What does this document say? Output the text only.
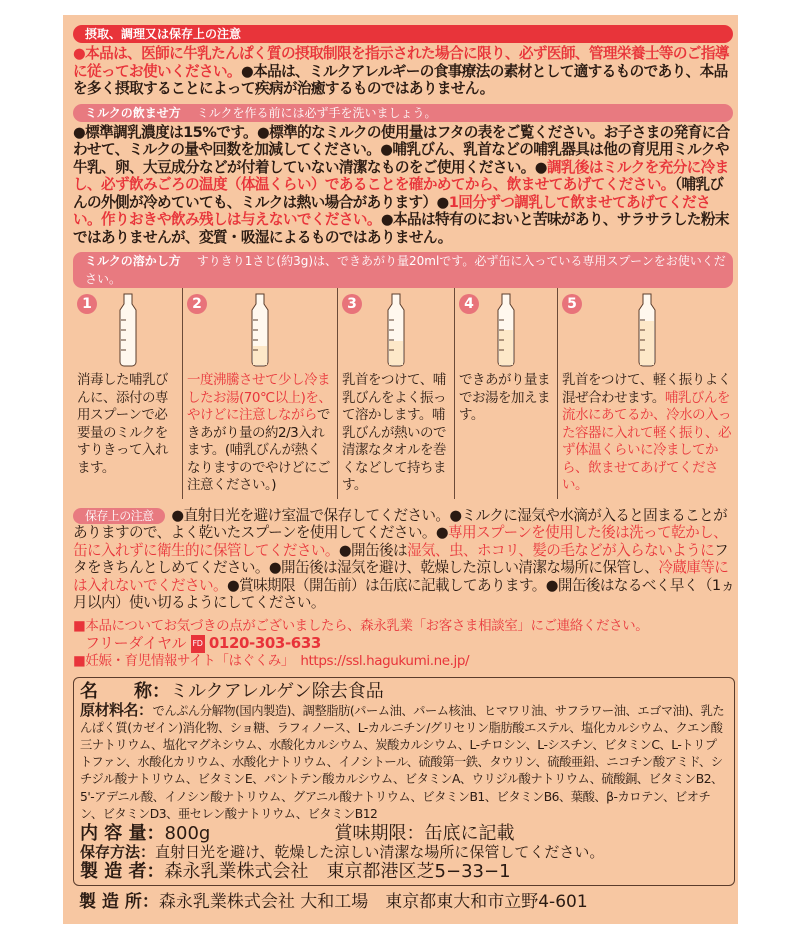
摂取、調理又は保存上の注意
●本品は、医師に牛乳たんぱく質の摂取制限を指示された場合に限り、必ず医師、管理栄養士等のご指導に従ってお使いください。●本品は、ミルクアレルギーの食事療法の素材として適するものであり、本品を多く摂取することによって疾病が治癒するものではありません。
ミルクの飲ませ方 ミルクを作る前には必ず手を洗いましょう。
●標準調乳濃度は15%です。●標準的なミルクの使用量はフタの表をご覧ください。お子さまの発育に合わせて、ミルクの量や回数を加減してください。●哺乳びん、乳首などの哺乳器具は他の育児用ミルクや牛乳、卵、大豆成分などが付着していない清潔なものをご使用ください。●調乳後はミルクを充分に冷まし、必ず飲みごろの温度（体温くらい）であることを確かめてから、飲ませてあげてください。（哺乳びんの外側が冷めていても、ミルクは熱い場合があります）●1回分ずつ調乳して飲ませてあげてください。作りおきや飲み残しは与えないでください。●本品は特有のにおいと苦味があり、サラサラした粉末ではありませんが、変質・吸湿によるものではありません。
ミルクの溶かし方 すりきり1さじ(約3g)は、できあがり量20mlです。必ず缶に入っている専用スプーンをお使いください。
1
消毒した哺乳びんに、添付の専用スプーンで必要量のミルクをすりきって入れます。
2
一度沸騰させて少し冷ましたお湯(70℃以上)を、やけどに注意しながらできあがり量の約2/3入れます。(哺乳びんが熱くなりますのでやけどにご注意ください。)
3
乳首をつけて、哺乳びんをよく振って溶かします。哺乳びんが熱いので清潔なタオルを巻くなどして持ちます。
4
できあがり量までお湯を加えます。
5
乳首をつけて、軽く振りよく混ぜ合わせます。哺乳びんを流水にあてるか、冷水の入った容器に入れて軽く振り、必ず体温くらいに冷ましてから、飲ませてあげてください。
保存上の注意 ●直射日光を避け室温で保存してください。●ミルクに湿気や水滴が入ると固まることがありますので、よく乾いたスプーンを使用してください。●専用スプーンを使用した後は洗って乾かし、缶に入れずに衛生的に保管してください。●開缶後は湿気、虫、ホコリ、髪の毛などが入らないようにフタをきちんとしめてください。●開缶後は湿気を避け、乾燥した涼しい清潔な場所に保管し、冷蔵庫等には入れないでください。●賞味期限（開缶前）は缶底に記載してあります。●開缶後はなるべく早く（1ヵ月以内）使い切るようにしてください。
■本品についてお気づきの点がございましたら、森永乳業「お客さま相談室」にご連絡ください。
フリーダイヤル FD 0120-303-633
■妊娠・育児情報サイト「はぐくみ」　 https://ssl.hagukumi.ne.jp/
名　　称： ミルクアレルゲン除去食品
原材料名：でんぷん分解物(国内製造)、調整脂肪(パーム油、パーム核油、ヒマワリ油、サフラワー油、エゴマ油)、乳たんぱく質(カゼイン)消化物、ショ糖、ラフィノース、L-カルニチン/グリセリン脂肪酸エステル、塩化カルシウム、クエン酸三ナトリウム、塩化マグネシウム、水酸化カルシウム、炭酸カルシウム、L-チロシン、L-シスチン、ビタミンC、L-トリプトファン、水酸化カリウム、水酸化ナトリウム、イノシトール、硫酸第一鉄、タウリン、硫酸亜鉛、ニコチン酸アミド、シチジル酸ナトリウム、ビタミンE、パントテン酸カルシウム、ビタミンA、ウリジル酸ナトリウム、硫酸銅、ビタミンB2、5'-アデニル酸、イノシン酸ナトリウム、グアニル酸ナトリウム、ビタミンB1、ビタミンB6、葉酸、β-カロテン、ビオチン、ビタミンD3、亜セレン酸ナトリウム、ビタミンB12
内 容 量： 800g	賞味期限： 缶底に記載
保存方法： 直射日光を避け、乾燥した涼しい清潔な場所に保管してください。
製 造 者： 森永乳業株式会社　東京都港区芝5−33−1
製 造 所：森永乳業株式会社 大和工場　東京都東大和市立野4-601
